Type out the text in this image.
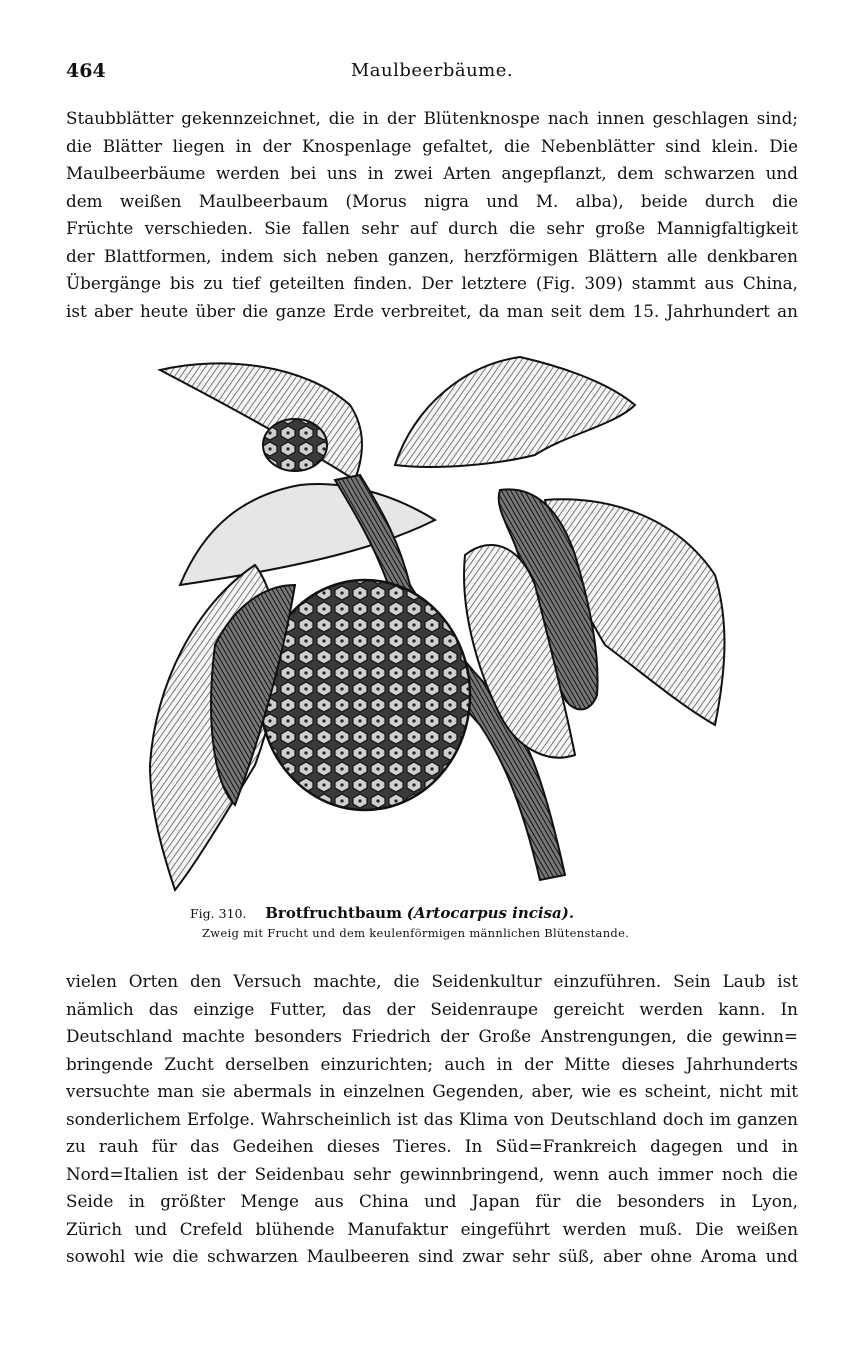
464	Maulbeerbäume.
Staubblätter gekennzeichnet, die in der Blütenknospe nach innen geschlagen sind;
die Blätter liegen in der Knospenlage gefaltet, die Nebenblätter sind klein. Die
Maulbeerbäume werden bei uns in zwei Arten angepflanzt, dem schwarzen und
dem weißen Maulbeerbaum (Morus nigra und M. alba), beide durch die
Früchte verschieden. Sie fallen sehr auf durch die sehr große Mannigfaltigkeit
der Blattformen, indem sich neben ganzen, herzförmigen Blättern alle denkbaren
Übergänge bis zu tief geteilten finden. Der letztere (Fig. 309) stammt aus China,
ist aber heute über die ganze Erde verbreitet, da man seit dem 15. Jahrhundert an
Fig. 310. Brotfruchtbaum (Artocarpus incisa).
Zweig mit Frucht und dem keulenförmigen männlichen Blütenstande.
vielen Orten den Versuch machte, die Seidenkultur einzuführen. Sein Laub ist
nämlich das einzige Futter, das der Seidenraupe gereicht werden kann. In
Deutschland machte besonders Friedrich der Große Anstrengungen, die gewinn=
bringende Zucht derselben einzurichten; auch in der Mitte dieses Jahrhunderts
versuchte man sie abermals in einzelnen Gegenden, aber, wie es scheint, nicht mit
sonderlichem Erfolge. Wahrscheinlich ist das Klima von Deutschland doch im ganzen
zu rauh für das Gedeihen dieses Tieres. In Süd=Frankreich dagegen und in
Nord=Italien ist der Seidenbau sehr gewinnbringend, wenn auch immer noch die
Seide in größter Menge aus China und Japan für die besonders in Lyon,
Zürich und Crefeld blühende Manufaktur eingeführt werden muß. Die weißen
sowohl wie die schwarzen Maulbeeren sind zwar sehr süß, aber ohne Aroma und
